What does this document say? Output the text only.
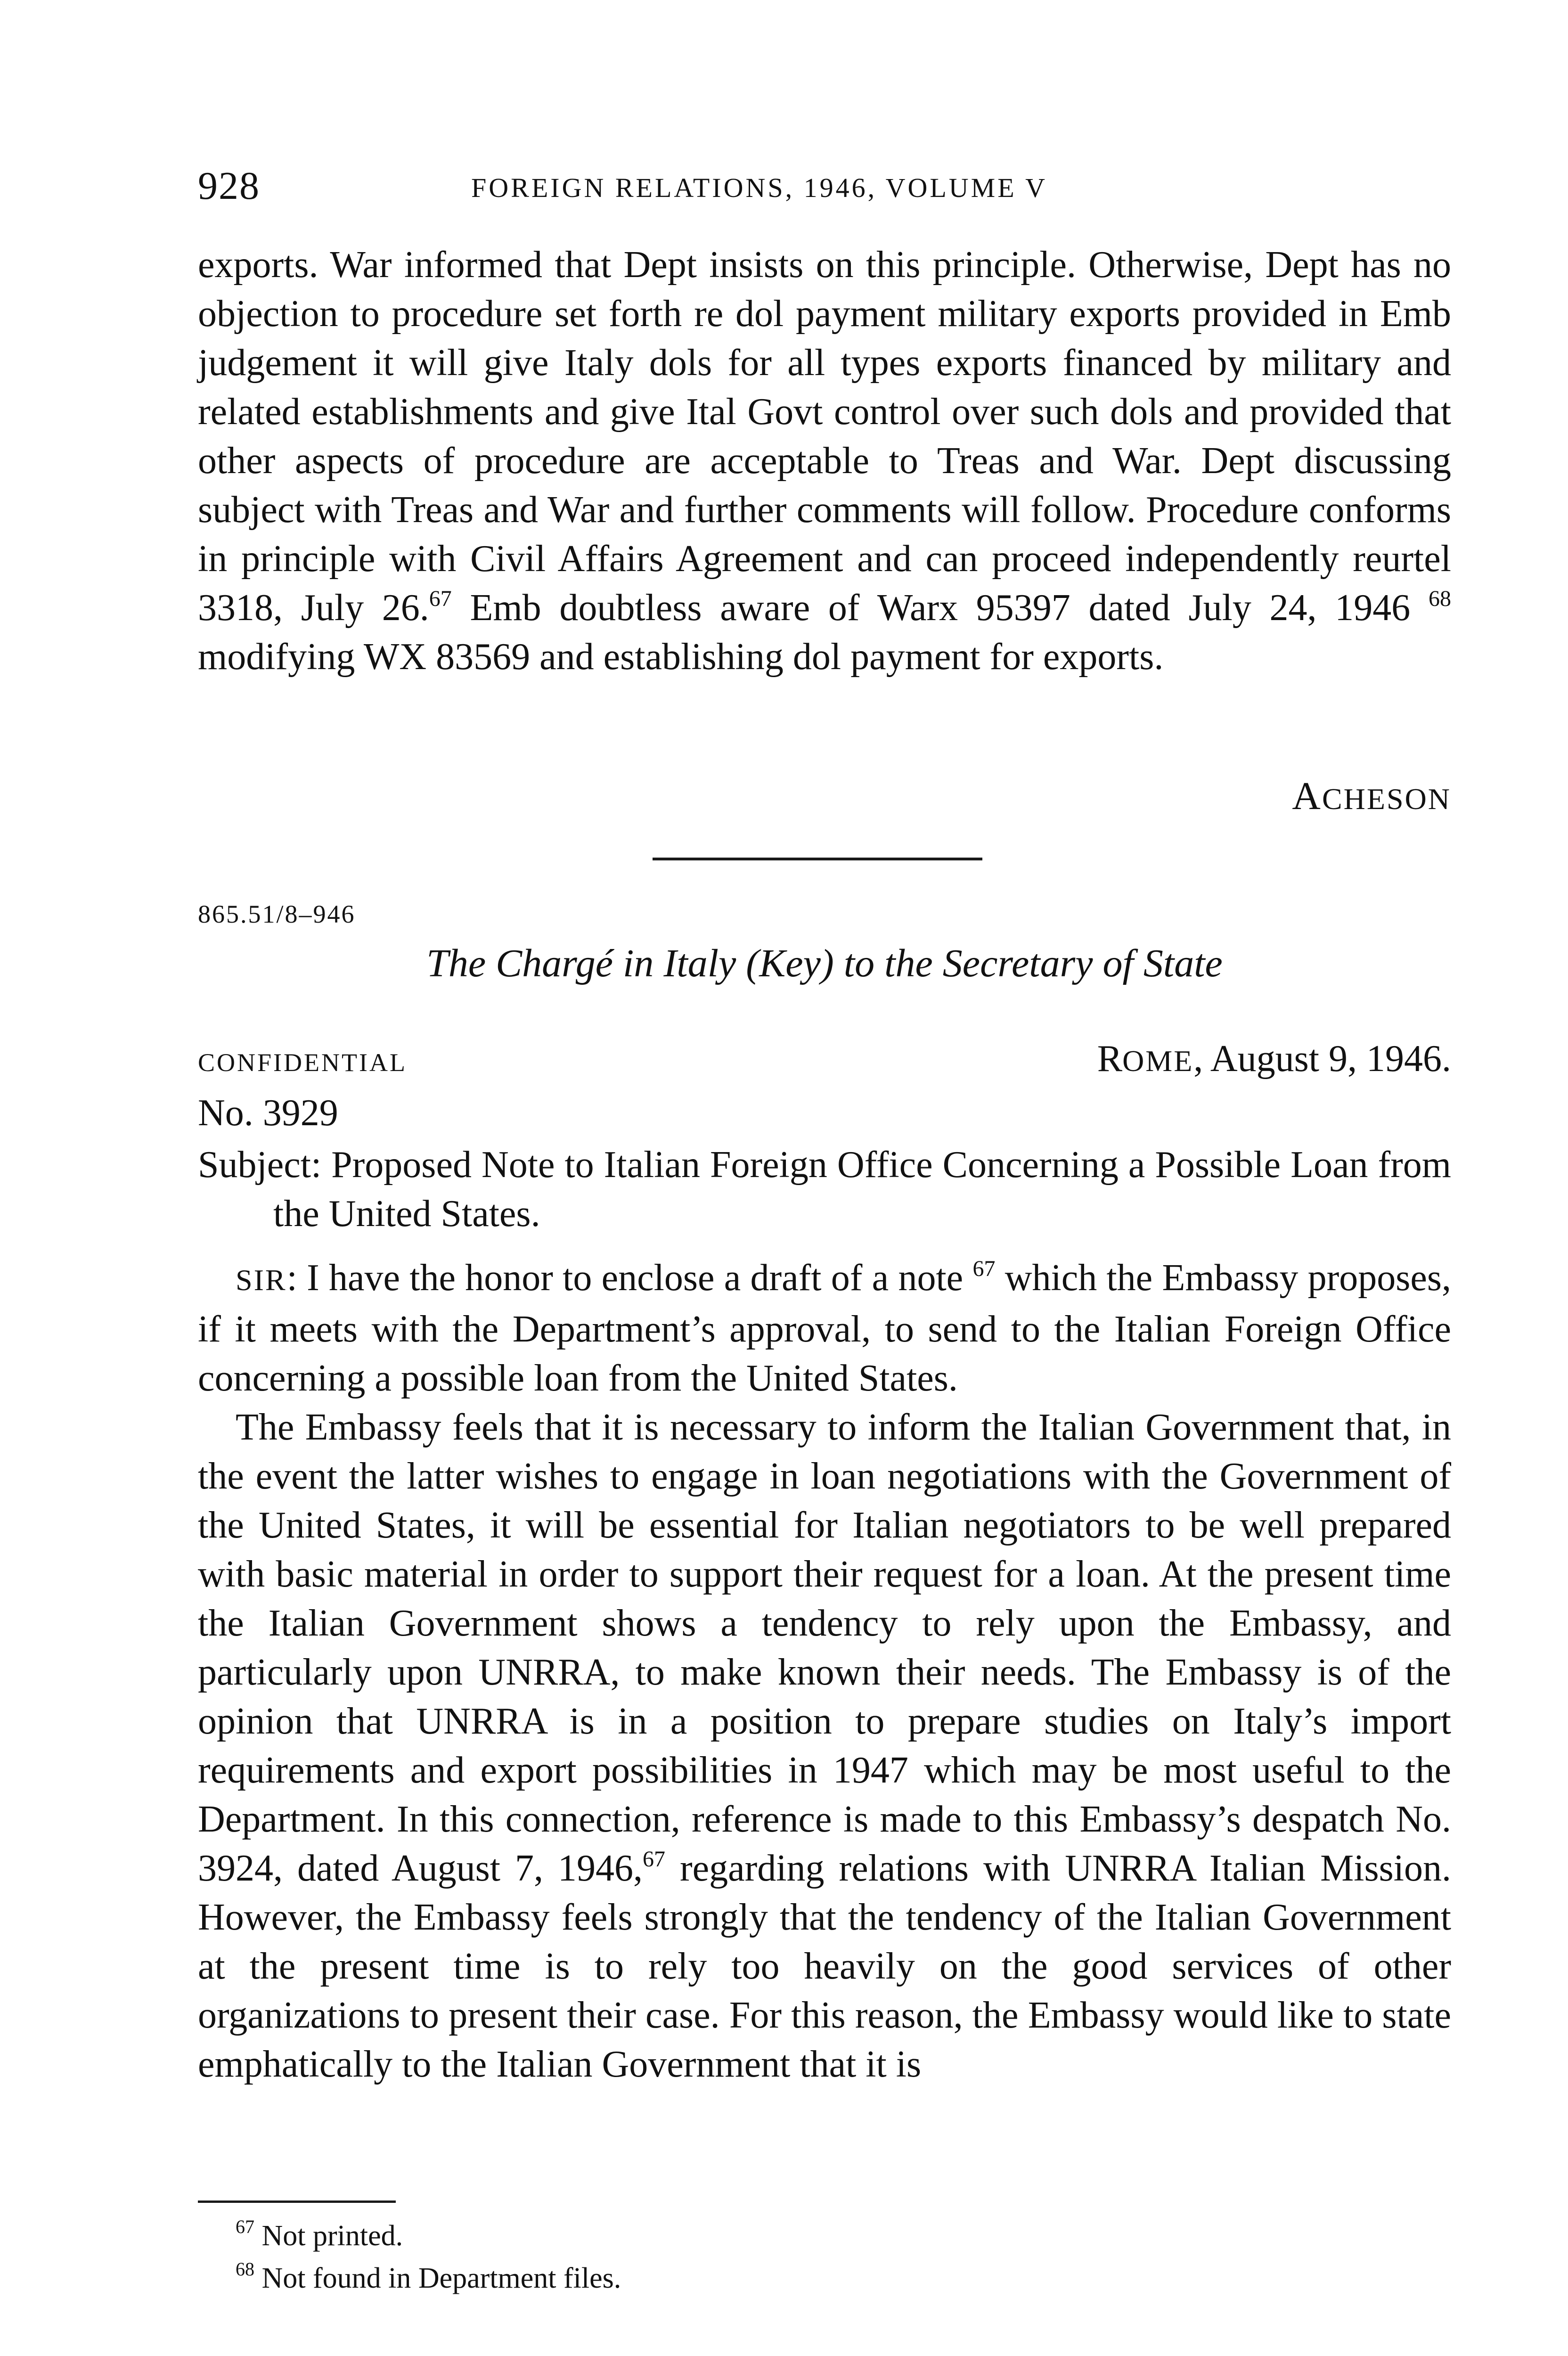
928	FOREIGN RELATIONS, 1946, VOLUME V

exports. War informed that Dept insists on this principle. Otherwise, Dept has no objection to procedure set forth re dol payment military exports provided in Emb judgement it will give Italy dols for all types exports financed by military and related establishments and give Ital Govt control over such dols and provided that other aspects of procedure are acceptable to Treas and War. Dept discussing subject with Treas and War and further comments will follow. Procedure conforms in principle with Civil Affairs Agreement and can proceed independently reurtel 3318, July 26.67 Emb doubtless aware of Warx 95397 dated July 24, 1946 $^{68}$ modifying WX 83569 and establishing dol payment for exports.

ACHESON
865.51/8–946
The Chargé in Italy (Key) to the Secretary of State
CONFIDENTIAL	ROME, August 9, 1946.
No. 3929
Subject: Proposed Note to Italian Foreign Office Concerning a Possible Loan from the United States.

SIR: I have the honor to enclose a draft of a note $^{67}$ which the Embassy proposes, if it meets with the Department’s approval, to send to the Italian Foreign Office concerning a possible loan from the United States.

The Embassy feels that it is necessary to inform the Italian Government that, in the event the latter wishes to engage in loan negotiations with the Government of the United States, it will be essential for Italian negotiators to be well prepared with basic material in order to support their request for a loan. At the present time the Italian Government shows a tendency to rely upon the Embassy, and particularly upon UNRRA, to make known their needs. The Embassy is of the opinion that UNRRA is in a position to prepare studies on Italy’s import requirements and export possibilities in 1947 which may be most useful to the Department. In this connection, reference is made to this Embassy’s despatch No. 3924, dated August 7, 1946,67 regarding relations with UNRRA Italian Mission. However, the Embassy feels strongly that the tendency of the Italian Government at the present time is to rely too heavily on the good services of other organizations to present their case. For this reason, the Embassy would like to state emphatically to the Italian Government that it is

$^{67}$ Not printed.
$^{68}$ Not found in Department files.
